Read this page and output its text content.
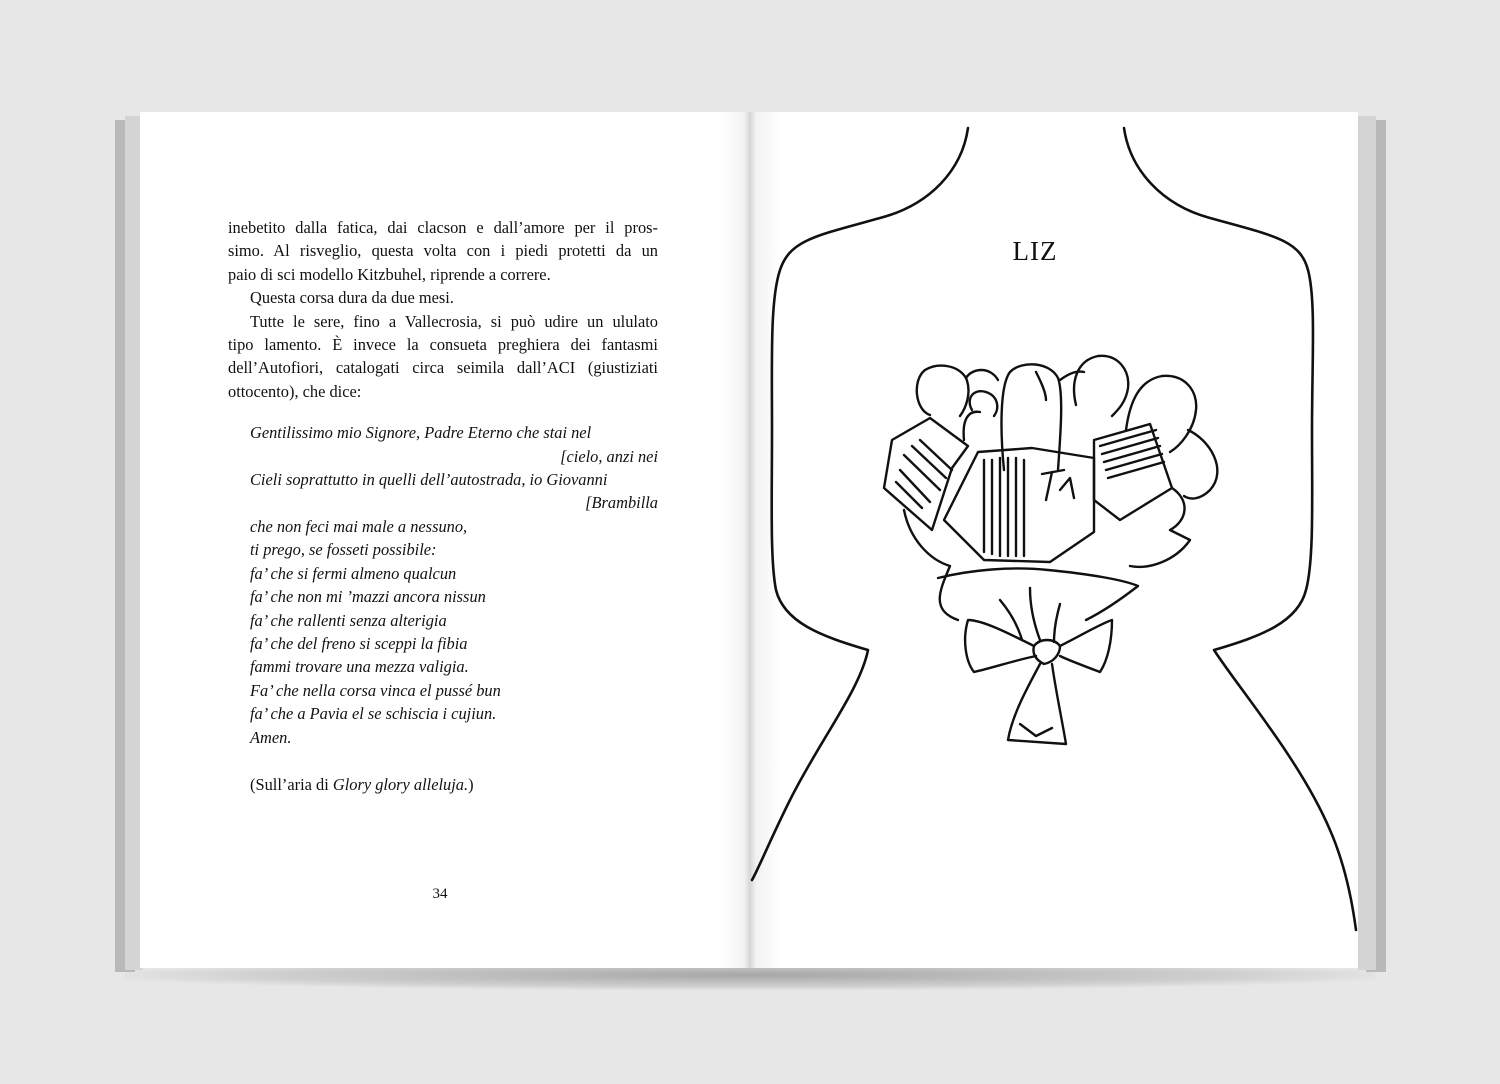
LIZ
inebetito dalla fatica, dai clacson e dall’amore per il pros-
simo. Al risveglio, questa volta con i piedi protetti da un
paio di sci modello Kitzbuhel, riprende a correre.
Questa corsa dura da due mesi.
Tutte le sere, fino a Vallecrosia, si può udire un ululato
tipo lamento. È invece la consueta preghiera dei fantasmi
dell’Autofiori, catalogati circa seimila dall’ACI (giustiziati
ottocento), che dice:
Gentilissimo mio Signore, Padre Eterno che stai nel
[cielo, anzi nei
Cieli soprattutto in quelli dell’autostrada, io Giovanni
[Brambilla
che non feci mai male a nessuno,
ti prego, se fosseti possibile:
fa’ che si fermi almeno qualcun
fa’ che non mi ’mazzi ancora nissun
fa’ che rallenti senza alterigia
fa’ che del freno si sceppi la fibia
fammi trovare una mezza valigia.
Fa’ che nella corsa vinca el pussé bun
fa’ che a Pavia el se schiscia i cujiun.
Amen.
(Sull’aria di Glory glory alleluja.)
34
